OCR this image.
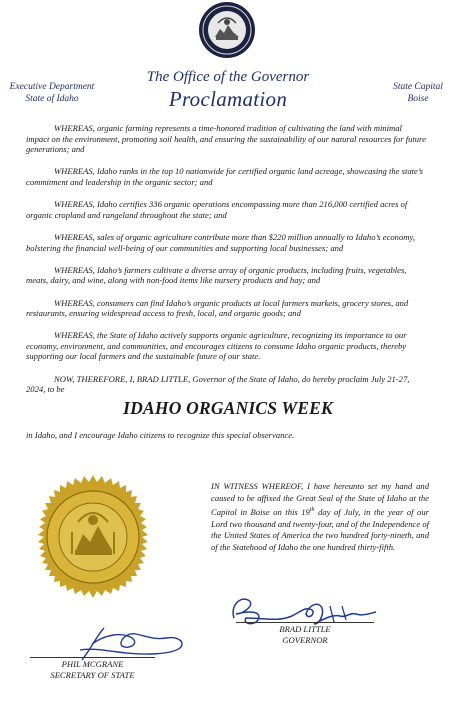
Executive Department
State of Idaho
The Office of the Governor
Proclamation	State Capital
Boise

WHEREAS, organic farming represents a time-honored tradition of cultivating the land with minimal impact on the environment, promoting soil health, and ensuring the sustainability of our natural resources for future generations; and

WHEREAS, Idaho ranks in the top 10 nationwide for certified organic land acreage, showcasing the state’s commitment and leadership in the organic sector; and

WHEREAS, Idaho certifies 336 organic operations encompassing more than 216,000 certified acres of organic cropland and rangeland throughout the state; and

WHEREAS, sales of organic agriculture contribute more than $220 million annually to Idaho’s economy, bolstering the financial well-being of our communities and supporting local businesses; and

WHEREAS, Idaho’s farmers cultivate a diverse array of organic products, including fruits, vegetables, meats, dairy, and wine, along with non-food items like nursery products and hay; and

WHEREAS, consumers can find Idaho’s organic products at local farmers markets, grocery stores, and restaurants, ensuring widespread access to fresh, local, and organic goods; and

WHEREAS, the State of Idaho actively supports organic agriculture, recognizing its importance to our economy, environment, and communities, and encourages citizens to consume Idaho organic products, thereby supporting our local farmers and the sustainable future of our state.

NOW, THEREFORE, I, BRAD LITTLE, Governor of the State of Idaho, do hereby proclaim July 21-27, 2024, to be

IDAHO ORGANICS WEEK
in Idaho, and I encourage Idaho citizens to recognize this special observance.
IN WITNESS WHEREOF, I have hereunto set my hand and caused to be affixed the Great Seal of the State of Idaho at the Capitol in Boise on this 19th day of July, in the year of our Lord two thousand and twenty-four, and of the Independence of the United States of America the two hundred forty-nineth, and of the Statehood of Idaho the one hundred thirty-fifth.
BRAD LITTLE
GOVERNOR
PHIL MCGRANE
SECRETARY OF STATE
